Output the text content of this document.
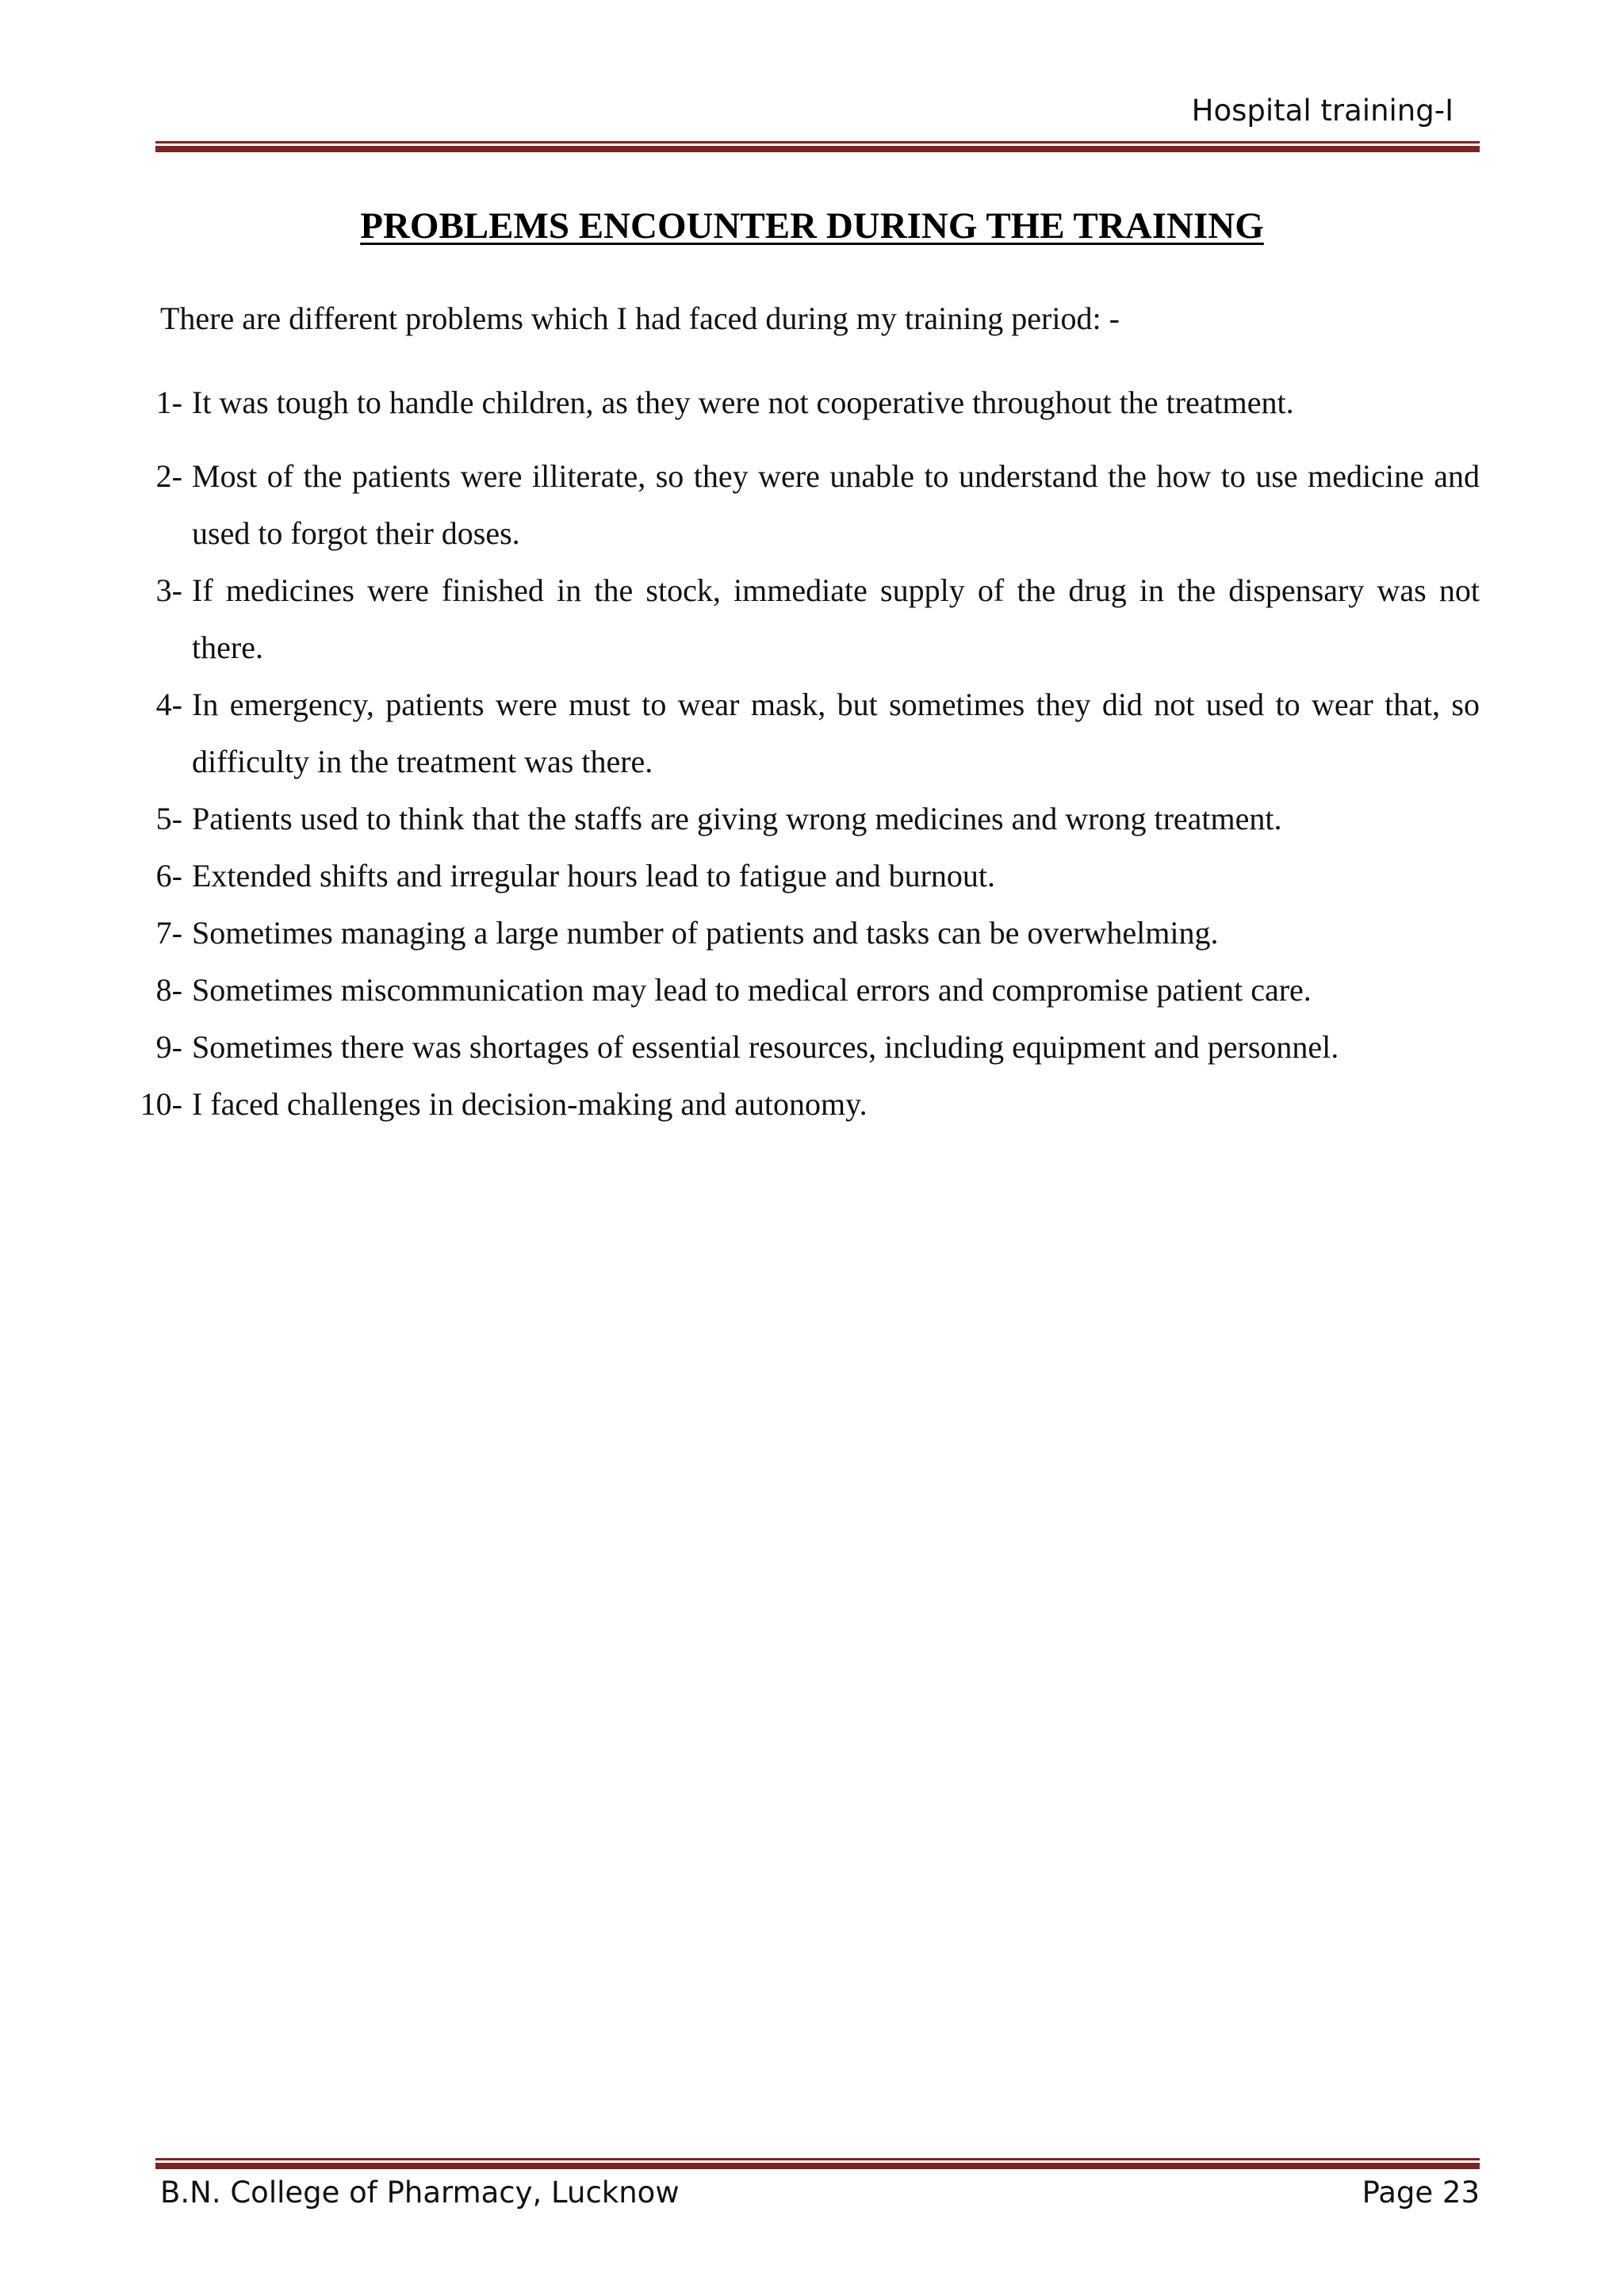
Hospital training-I
PROBLEMS ENCOUNTER DURING THE TRAINING
There are different problems which I had faced during my training period: -
1- It was tough to handle children, as they were not cooperative throughout the treatment.
2- Most of the patients were illiterate, so they were unable to understand the how to use medicine and used to forgot their doses.
3- If medicines were finished in the stock, immediate supply of the drug in the dispensary was not there.
4- In emergency, patients were must to wear mask, but sometimes they did not used to wear that, so difficulty in the treatment was there.
5- Patients used to think that the staffs are giving wrong medicines and wrong treatment.
6- Extended shifts and irregular hours lead to fatigue and burnout.
7- Sometimes managing a large number of patients and tasks can be overwhelming.
8- Sometimes miscommunication may lead to medical errors and compromise patient care.
9- Sometimes there was shortages of essential resources, including equipment and personnel.
10- I faced challenges in decision-making and autonomy.
B.N. College of Pharmacy, Lucknow	Page 23
